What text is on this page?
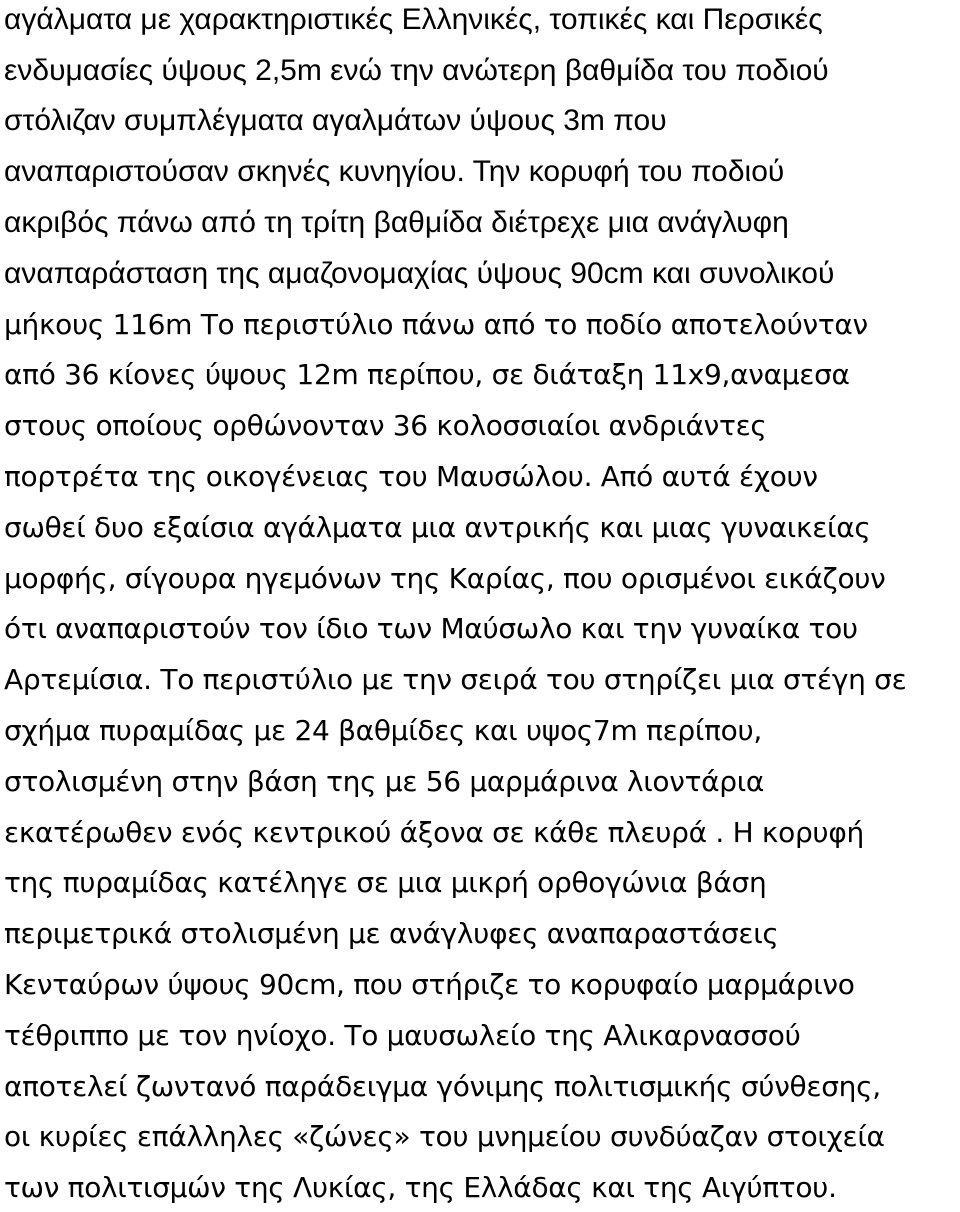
αγάλματα με χαρακτηριστικές Ελληνικές, τοπικές και Περσικές
ενδυμασίες ύψους 2,5m ενώ την ανώτερη βαθμίδα του ποδιού
στόλιζαν συμπλέγματα αγαλμάτων ύψους 3m που
αναπαριστούσαν σκηνές κυνηγίου. Την κορυφή του ποδιού
ακριβός πάνω από τη τρίτη βαθμίδα διέτρεχε μια ανάγλυφη
αναπαράσταση της αμαζονομαχίας ύψους 90cm και συνολικού
μήκους 116m Το περιστύλιο πάνω από το ποδίο αποτελούνταν
από 36 κίονες ύψους 12m περίπου, σε διάταξη 11x9,αναμεσα
στους οποίους ορθώνονταν 36 κολοσσιαίοι ανδριάντες
πορτρέτα της οικογένειας του Μαυσώλου. Από αυτά έχουν
σωθεί δυο εξαίσια αγάλματα μια αντρικής και μιας γυναικείας
μορφής, σίγουρα ηγεμόνων της Καρίας, που ορισμένοι εικάζουν
ότι αναπαριστούν τον ίδιο των Μαύσωλο και την γυναίκα του
Αρτεμίσια. Το περιστύλιο με την σειρά του στηρίζει μια στέγη σε
σχήμα πυραμίδας με 24 βαθμίδες και υψος7m περίπου,
στολισμένη στην βάση της με 56 μαρμάρινα λιοντάρια
εκατέρωθεν ενός κεντρικού άξονα σε κάθε πλευρά . Η κορυφή
της πυραμίδας κατέληγε σε μια μικρή ορθογώνια βάση
περιμετρικά στολισμένη με ανάγλυφες αναπαραστάσεις
Κενταύρων ύψους 90cm, που στήριζε το κορυφαίο μαρμάρινο
τέθριππο με τον ηνίοχο. Το μαυσωλείο της Αλικαρνασσού
αποτελεί ζωντανό παράδειγμα γόνιμης πολιτισμικής σύνθεσης,
οι κυρίες επάλληλες «ζώνες» του μνημείου συνδύαζαν στοιχεία
των πολιτισμών της Λυκίας, της Ελλάδας και της Αιγύπτου.
